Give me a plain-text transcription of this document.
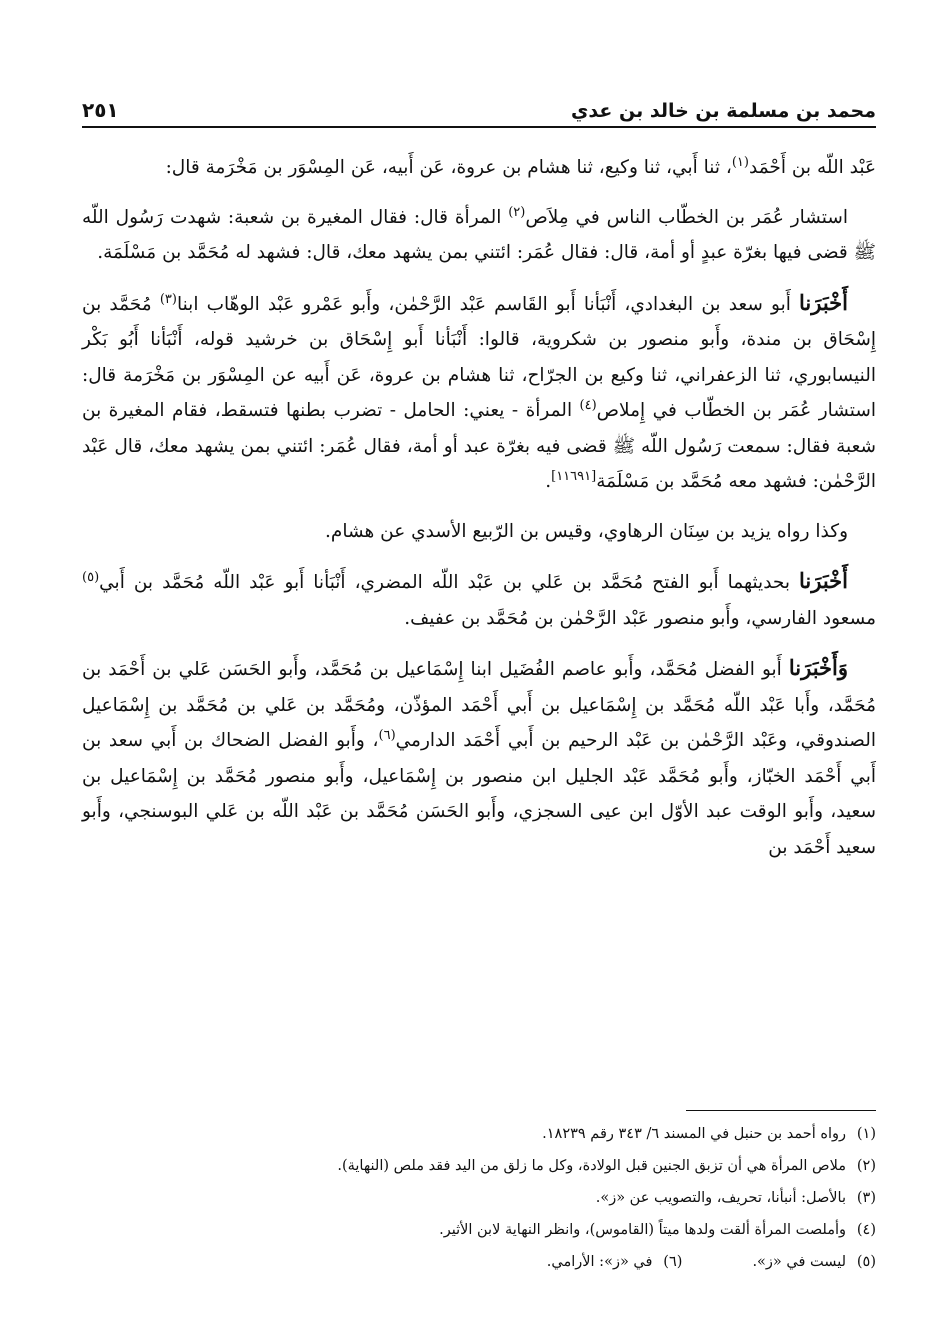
محمد بن مسلمة بن خالد بن عدي
٢٥١

عَبْد اللّه بن أَحْمَد$^{(١)}$، ثنا أَبي، ثنا وكيع، ثنا هشام بن عروة، عَن أَبيه، عَن المِسْوَر بن مَخْرَمة قال:

استشار عُمَر بن الخطّاب الناس في مِلاَص$^{(٢)}$ المرأة قال: فقال المغيرة بن شعبة: شهدت رَسُول اللّه ﷺ قضى فيها بغرّة عبدٍ أو أمة، قال: فقال عُمَر: ائتني بمن يشهد معك، قال: فشهد له مُحَمَّد بن مَسْلَمَة.

أَخْبَرَنا أَبو سعد بن البغدادي، أَنْبَأنا أَبو القَاسم عَبْد الرَّحْمٰن، وأَبو عَمْرو عَبْد الوهّاب ابنا$^{(٣)}$ مُحَمَّد بن إِسْحَاق بن مندة، وأَبو منصور بن شكروية، قالوا: أَنْبَأنا أَبو إِسْحَاق بن خرشيد قوله، أَنْبَأنا أَبُو بَكْر النيسابوري، ثنا الزعفراني، ثنا وكيع بن الجرّاح، ثنا هشام بن عروة، عَن أَبيه عن المِسْوَر بن مَخْرَمة قال: استشار عُمَر بن الخطّاب في إِملاص$^{(٤)}$ المرأة - يعني: الحامل - تضرب بطنها فتسقط، فقام المغيرة بن شعبة فقال: سمعت رَسُول اللّه ﷺ قضى فيه بغرّة عبد أو أمة، فقال عُمَر: ائتني بمن يشهد معك، قال عَبْد الرَّحْمٰن: فشهد معه مُحَمَّد بن مَسْلَمَة[١١٦٩١].

وكذا رواه يزيد بن سِنَان الرهاوي، وقيس بن الرّبيع الأسدي عن هشام.

أَخْبَرَنا بحديثهما أَبو الفتح مُحَمَّد بن عَلي بن عَبْد اللّه المضري، أَنْبَأنا أَبو عَبْد اللّه مُحَمَّد بن أَبي$^{(٥)}$ مسعود الفارسي، وأَبو منصور عَبْد الرَّحْمٰن بن مُحَمَّد بن عفيف.

وَأَخْبَرَنا أَبو الفضل مُحَمَّد، وأَبو عاصم الفُضَيل ابنا إِسْمَاعيل بن مُحَمَّد، وأَبو الحَسَن عَلي بن أَحْمَد بن مُحَمَّد، وأَبا عَبْد اللّه مُحَمَّد بن إِسْمَاعيل بن أَبي أَحْمَد المؤذّن، ومُحَمَّد بن عَلي بن مُحَمَّد بن إِسْمَاعيل الصندوقي، وعَبْد الرَّحْمٰن بن عَبْد الرحيم بن أَبي أَحْمَد الدارمي$^{(٦)}$، وأَبو الفضل الضحاك بن أَبي سعد بن أَبي أَحْمَد الخبّاز، وأَبو مُحَمَّد عَبْد الجليل ابن منصور بن إِسْمَاعيل، وأَبو منصور مُحَمَّد بن إِسْمَاعيل بن سعيد، وأَبو الوقت عبد الأوّل ابن عيى السجزي، وأَبو الحَسَن مُحَمَّد بن عَبْد اللّه بن عَلي البوسنجي، وأَبو سعيد أَحْمَد بن

(١)
رواه أحمد بن حنبل في المسند ٦/ ٣٤٣ رقم ١٨٢٣٩.
(٢)
ملاص المرأة هي أن تزبق الجنين قبل الولادة، وكل ما زلق من اليد فقد ملص (النهاية).
(٣)
بالأصل: أنبأنا، تحريف، والتصويب عن «ز».
(٤)
وأملصت المرأة ألقت ولدها ميتاً (القاموس)، وانظر النهاية لابن الأثير.
(٥)
ليست في «ز».
(٦)
في «ز»: الأرامي.
